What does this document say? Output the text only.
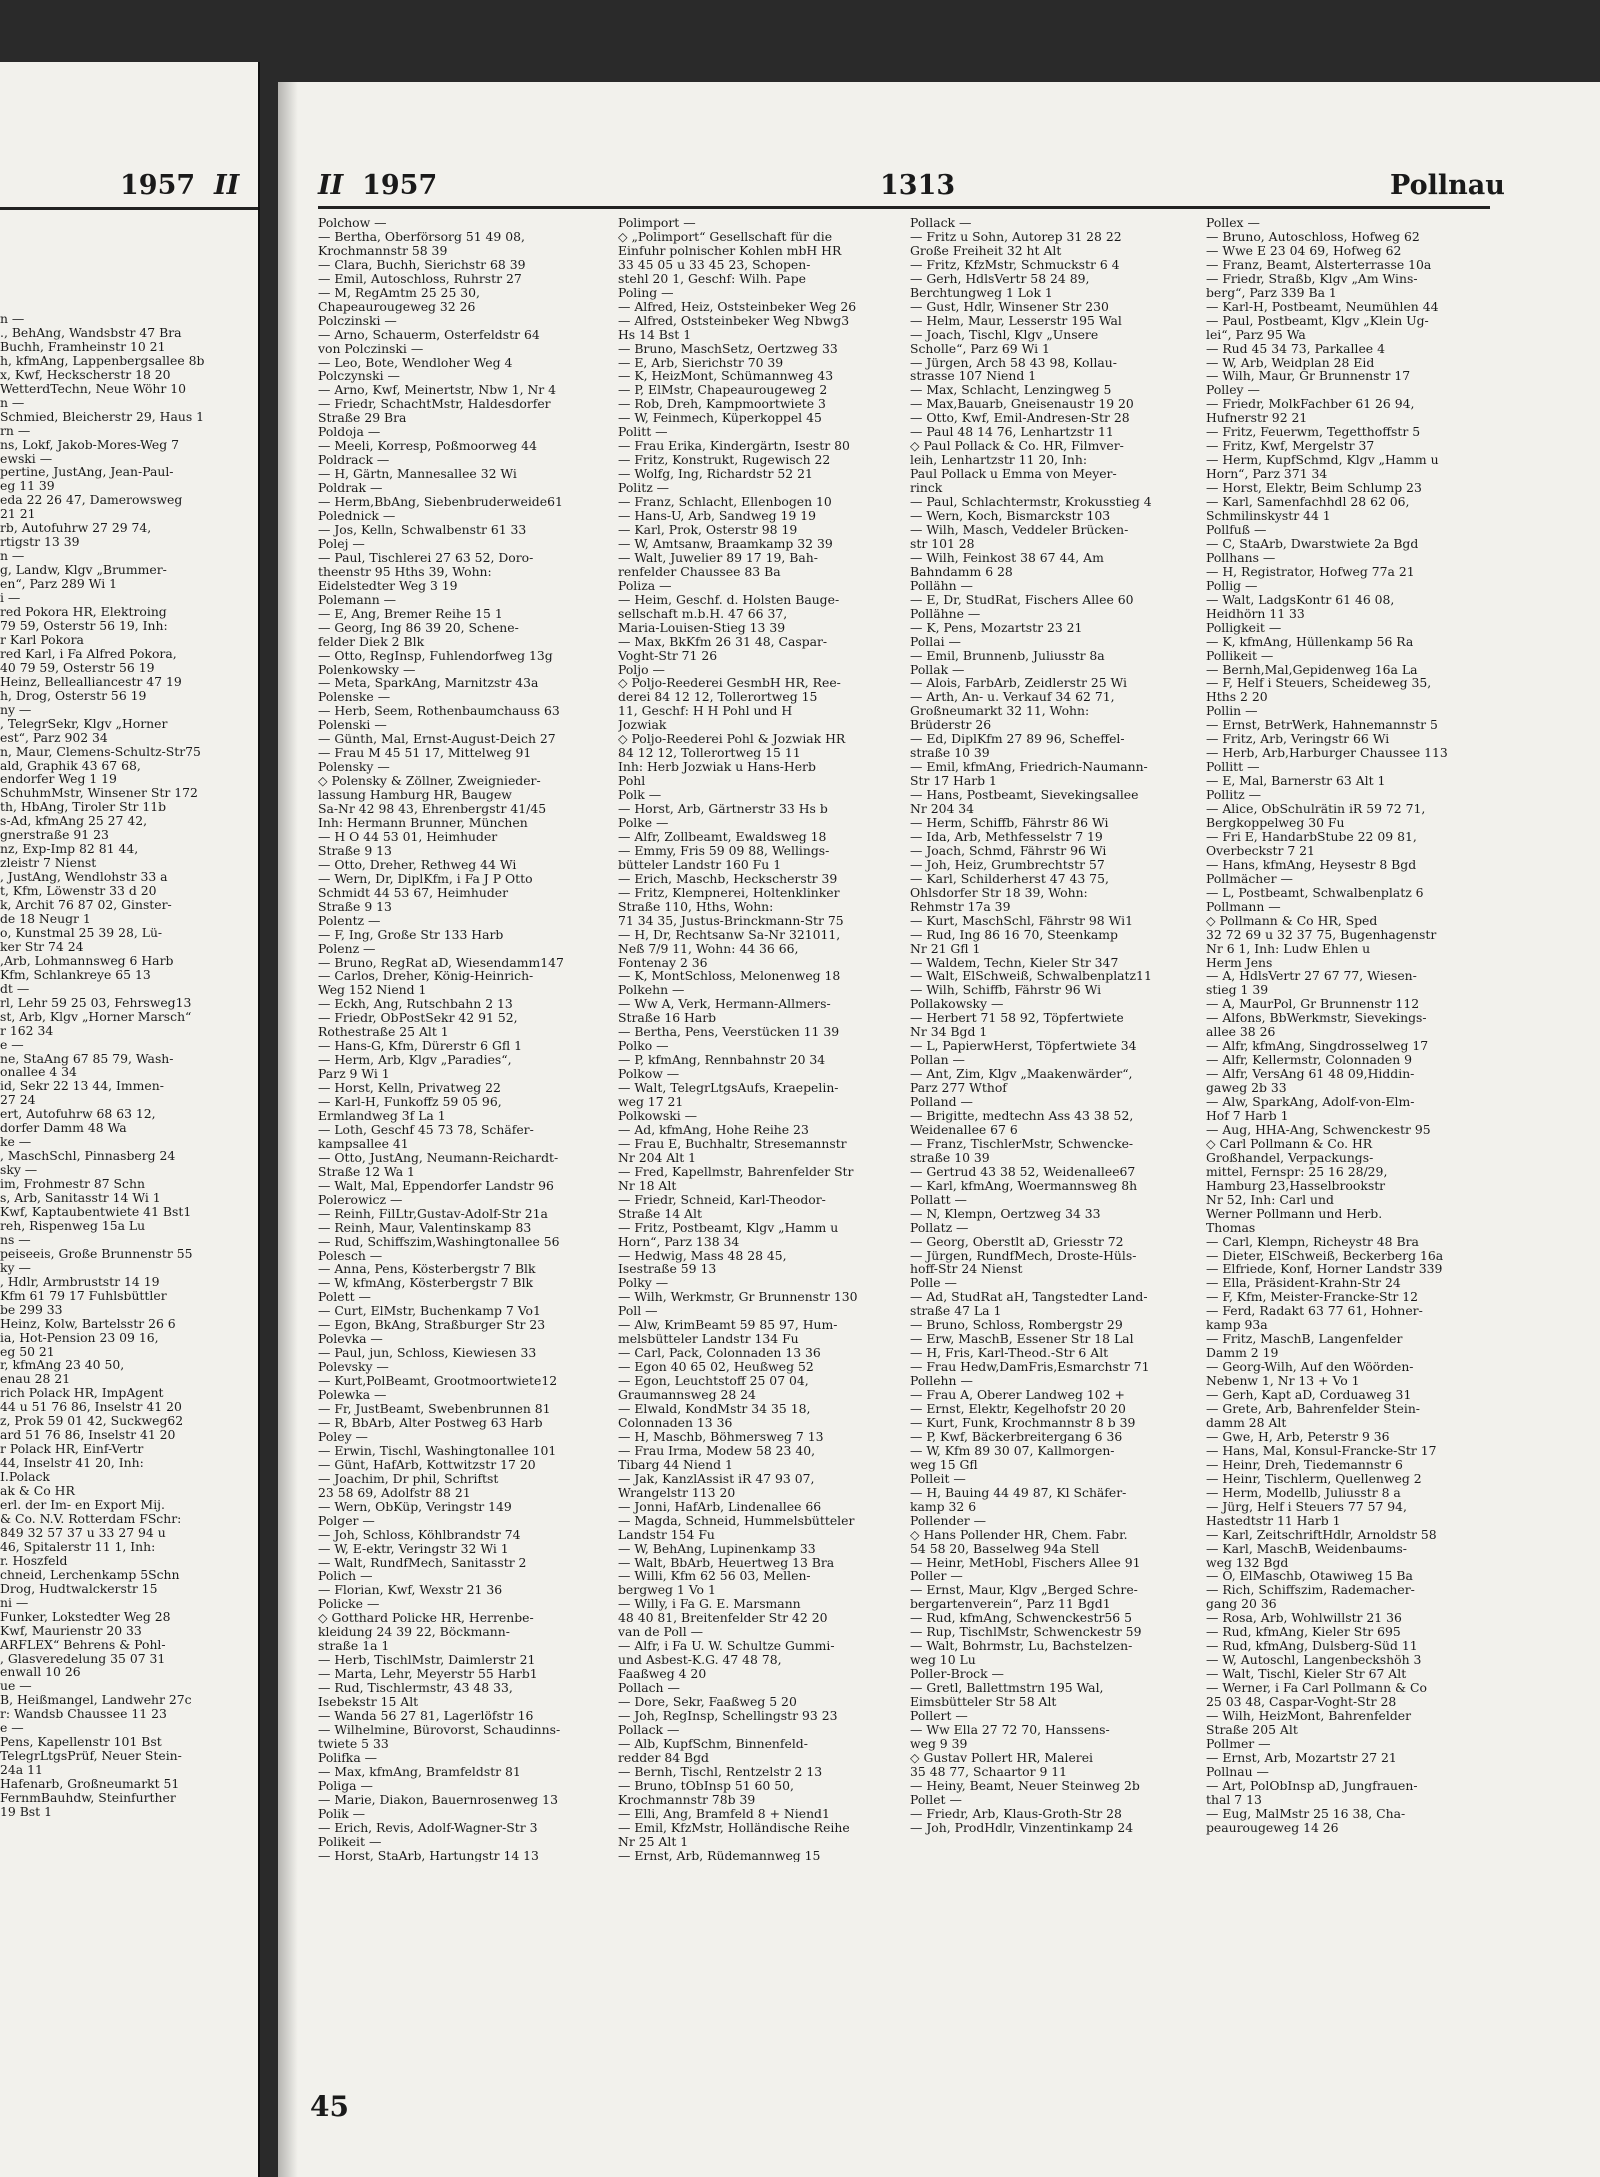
1957 II

n —

., BehAng, Wandsbstr 47 Bra

Buchh, Framheinstr 10 21

h, kfmAng, Lappenbergsallee 8b

x, Kwf, Heckscherstr 18 20

WetterdTechn, Neue Wöhr 10

n —

Schmied, Bleicherstr 29, Haus 1

rn —

ns, Lokf, Jakob-Mores-Weg 7

ewski —

pertine, JustAng, Jean-Paul-

eg 11 39

eda 22 26 47, Damerowsweg

21 21

rb, Autofuhrw 27 29 74,

rtigstr 13 39

n —

g, Landw, Klgv „Brummer-

en“, Parz 289 Wi 1

i —

red Pokora HR, Elektroing

79 59, Osterstr 56 19, Inh:

r Karl Pokora

red Karl, i Fa Alfred Pokora,

40 79 59, Osterstr 56 19

Heinz, Bellealliancestr 47 19

h, Drog, Osterstr 56 19

ny —

, TelegrSekr, Klgv „Horner

est“, Parz 902 34

n, Maur, Clemens-Schultz-Str75

ald, Graphik 43 67 68,

endorfer Weg 1 19

SchuhmMstr, Winsener Str 172

th, HbAng, Tiroler Str 11b

s-Ad, kfmAng 25 27 42,

gnerstraße 91 23

nz, Exp-Imp 82 81 44,

zleistr 7 Nienst

, JustAng, Wendlohstr 33 a

t, Kfm, Löwenstr 33 d 20

k, Archit 76 87 02, Ginster-

de 18 Neugr 1

o, Kunstmal 25 39 28, Lü-

ker Str 74 24

,Arb, Lohmannsweg 6 Harb

Kfm, Schlankreye 65 13

dt —

rl, Lehr 59 25 03, Fehrsweg13

st, Arb, Klgv „Horner Marsch“

r 162 34

e —

ne, StaAng 67 85 79, Wash-

onallee 4 34

id, Sekr 22 13 44, Immen-

27 24

ert, Autofuhrw 68 63 12,

dorfer Damm 48 Wa

ke —

, MaschSchl, Pinnasberg 24

sky —

im, Frohmestr 87 Schn

s, Arb, Sanitasstr 14 Wi 1

Kwf, Kaptaubentwiete 41 Bst1

reh, Rispenweg 15a Lu

ns —

peiseeis, Große Brunnenstr 55

ky —

, Hdlr, Armbruststr 14 19

Kfm 61 79 17 Fuhlsbüttler

be 299 33

Heinz, Kolw, Bartelsstr 26 6

ia, Hot-Pension 23 09 16,

eg 50 21

r, kfmAng 23 40 50,

enau 28 21

rich Polack HR, ImpAgent

44 u 51 76 86, Inselstr 41 20

z, Prok 59 01 42, Suckweg62

ard 51 76 86, Inselstr 41 20

r Polack HR, Einf-Vertr

44, Inselstr 41 20, Inh:

I.Polack

ak & Co HR

erl. der Im- en Export Mij.

& Co. N.V. Rotterdam FSchr:

849 32 57 37 u 33 27 94 u

46, Spitalerstr 11 1, Inh:

r. Hoszfeld

chneid, Lerchenkamp 5Schn

Drog, Hudtwalckerstr 15

ni —

Funker, Lokstedter Weg 28

Kwf, Maurienstr 20 33

ARFLEX“ Behrens & Pohl-

, Glasveredelung 35 07 31

enwall 10 26

ue —

B, Heißmangel, Landwehr 27c

r: Wandsb Chaussee 11 23

e —

Pens, Kapellenstr 101 Bst

TelegrLtgsPrüf, Neuer Stein-

24a 11

Hafenarb, Großneumarkt 51

FernmBauhdw, Steinfurther

19 Bst 1

II 1957	1313	Pollnau

Polchow —

— Bertha, Oberförsorg 51 49 08,

Krochmannstr 58 39

— Clara, Buchh, Sierichstr 68 39

— Emil, Autoschloss, Ruhrstr 27

— M, RegAmtm 25 25 30,

Chapeaurougeweg 32 26

Polczinski —

— Arno, Schauerm, Osterfeldstr 64

von Polczinski —

— Leo, Bote, Wendloher Weg 4

Polczynski —

— Arno, Kwf, Meinertstr, Nbw 1, Nr 4

— Friedr, SchachtMstr, Haldesdorfer

Straße 29 Bra

Poldoja —

— Meeli, Korresp, Poßmoorweg 44

Poldrack —

— H, Gärtn, Mannesallee 32 Wi

Poldrak —

— Herm,BbAng, Siebenbruderweide61

Polednick —

— Jos, Kelln, Schwalbenstr 61 33

Polej —

— Paul, Tischlerei 27 63 52, Doro-

theenstr 95 Hths 39, Wohn:

Eidelstedter Weg 3 19

Polemann —

— E, Ang, Bremer Reihe 15 1

— Georg, Ing 86 39 20, Schene-

felder Diek 2 Blk

— Otto, RegInsp, Fuhlendorfweg 13g

Polenkowsky —

— Meta, SparkAng, Marnitzstr 43a

Polenske —

— Herb, Seem, Rothenbaumchauss 63

Polenski —

— Günth, Mal, Ernst-August-Deich 27

— Frau M 45 51 17, Mittelweg 91

Polensky —

◇ Polensky & Zöllner, Zweignieder-

lassung Hamburg HR, Baugew

Sa-Nr 42 98 43, Ehrenbergstr 41/45

Inh: Hermann Brunner, München

— H O 44 53 01, Heimhuder

Straße 9 13

— Otto, Dreher, Rethweg 44 Wi

— Wern, Dr, DiplKfm, i Fa J P Otto

Schmidt 44 53 67, Heimhuder

Straße 9 13

Polentz —

— F, Ing, Große Str 133 Harb

Polenz —

— Bruno, RegRat aD, Wiesendamm147

— Carlos, Dreher, König-Heinrich-

Weg 152 Niend 1

— Eckh, Ang, Rutschbahn 2 13

— Friedr, ObPostSekr 42 91 52,

Rothestraße 25 Alt 1

— Hans-G, Kfm, Dürerstr 6 Gfl 1

— Herm, Arb, Klgv „Paradies“,

Parz 9 Wi 1

— Horst, Kelln, Privatweg 22

— Karl-H, Funkoffz 59 05 96,

Ermlandweg 3f La 1

— Loth, Geschf 45 73 78, Schäfer-

kampsallee 41

— Otto, JustAng, Neumann-Reichardt-

Straße 12 Wa 1

— Walt, Mal, Eppendorfer Landstr 96

Polerowicz —

— Reinh, FilLtr,Gustav-Adolf-Str 21a

— Reinh, Maur, Valentinskamp 83

— Rud, Schiffszim,Washingtonallee 56

Polesch —

— Anna, Pens, Kösterbergstr 7 Blk

— W, kfmAng, Kösterbergstr 7 Blk

Polett —

— Curt, ElMstr, Buchenkamp 7 Vo1

— Egon, BkAng, Straßburger Str 23

Polevka —

— Paul, jun, Schloss, Kiewiesen 33

Polevsky —

— Kurt,PolBeamt, Grootmoortwiete12

Polewka —

— Fr, JustBeamt, Swebenbrunnen 81

— R, BbArb, Alter Postweg 63 Harb

Poley —

— Erwin, Tischl, Washingtonallee 101

— Günt, HafArb, Kottwitzstr 17 20

— Joachim, Dr phil, Schriftst

23 58 69, Adolfstr 88 21

— Wern, ObKüp, Veringstr 149

Polger —

— Joh, Schloss, Köhlbrandstr 74

— W, E-ektr, Veringstr 32 Wi 1

— Walt, RundfMech, Sanitasstr 2

Polich —

— Florian, Kwf, Wexstr 21 36

Policke —

◇ Gotthard Policke HR, Herrenbe-

kleidung 24 39 22, Böckmann-

straße 1a 1

— Herb, TischlMstr, Daimlerstr 21

— Marta, Lehr, Meyerstr 55 Harb1

— Rud, Tischlermstr, 43 48 33,

Isebekstr 15 Alt

— Wanda 56 27 81, Lagerlöfstr 16

— Wilhelmine, Bürovorst, Schaudinns-

twiete 5 33

Polifka —

— Max, kfmAng, Bramfeldstr 81

Poliga —

— Marie, Diakon, Bauernrosenweg 13

Polik —

— Erich, Revis, Adolf-Wagner-Str 3

Polikeit —

— Horst, StaArb, Hartungstr 14 13

Polimport —

◇ „Polimport“ Gesellschaft für die

Einfuhr polnischer Kohlen mbH HR

33 45 05 u 33 45 23, Schopen-

stehl 20 1, Geschf: Wilh. Pape

Poling —

— Alfred, Heiz, Oststeinbeker Weg 26

— Alfred, Oststeinbeker Weg Nbwg3

Hs 14 Bst 1

— Bruno, MaschSetz, Oertzweg 33

— E, Arb, Sierichstr 70 39

— K, HeizMont, Schümannweg 43

— P, ElMstr, Chapeaurougeweg 2

— Rob, Dreh, Kampmoortwiete 3

— W, Feinmech, Küperkoppel 45

Politt —

— Frau Erika, Kindergärtn, Isestr 80

— Fritz, Konstrukt, Rugewisch 22

— Wolfg, Ing, Richardstr 52 21

Politz —

— Franz, Schlacht, Ellenbogen 10

— Hans-U, Arb, Sandweg 19 19

— Karl, Prok, Osterstr 98 19

— W, Amtsanw, Braamkamp 32 39

— Walt, Juwelier 89 17 19, Bah-

renfelder Chaussee 83 Ba

Poliza —

— Heim, Geschf. d. Holsten Bauge-

sellschaft m.b.H. 47 66 37,

Maria-Louisen-Stieg 13 39

— Max, BkKfm 26 31 48, Caspar-

Voght-Str 71 26

Poljo —

◇ Poljo-Reederei GesmbH HR, Ree-

derei 84 12 12, Tollerortweg 15

11, Geschf: H H Pohl und H

Jozwiak

◇ Poljo-Reederei Pohl & Jozwiak HR

84 12 12, Tollerortweg 15 11

Inh: Herb Jozwiak u Hans-Herb

Pohl

Polk —

— Horst, Arb, Gärtnerstr 33 Hs b

Polke —

— Alfr, Zollbeamt, Ewaldsweg 18

— Emmy, Fris 59 09 88, Wellings-

bütteler Landstr 160 Fu 1

— Erich, Maschb, Heckscherstr 39

— Fritz, Klempnerei, Holtenklinker

Straße 110, Hths, Wohn:

71 34 35, Justus-Brinckmann-Str 75

— H, Dr, Rechtsanw Sa-Nr 321011,

Neß 7/9 11, Wohn: 44 36 66,

Fontenay 2 36

— K, MontSchloss, Melonenweg 18

Polkehn —

— Ww A, Verk, Hermann-Allmers-

Straße 16 Harb

— Bertha, Pens, Veerstücken 11 39

Polko —

— P, kfmAng, Rennbahnstr 20 34

Polkow —

— Walt, TelegrLtgsAufs, Kraepelin-

weg 17 21

Polkowski —

— Ad, kfmAng, Hohe Reihe 23

— Frau E, Buchhaltr, Stresemannstr

Nr 204 Alt 1

— Fred, Kapellmstr, Bahrenfelder Str

Nr 18 Alt

— Friedr, Schneid, Karl-Theodor-

Straße 14 Alt

— Fritz, Postbeamt, Klgv „Hamm u

Horn“, Parz 138 34

— Hedwig, Mass 48 28 45,

Isestraße 59 13

Polky —

— Wilh, Werkmstr, Gr Brunnenstr 130

Poll —

— Alw, KrimBeamt 59 85 97, Hum-

melsbütteler Landstr 134 Fu

— Carl, Pack, Colonnaden 13 36

— Egon 40 65 02, Heußweg 52

— Egon, Leuchtstoff 25 07 04,

Graumannsweg 28 24

— Elwald, KondMstr 34 35 18,

Colonnaden 13 36

— H, Maschb, Böhmersweg 7 13

— Frau Irma, Modew 58 23 40,

Tibarg 44 Niend 1

— Jak, KanzlAssist iR 47 93 07,

Wrangelstr 113 20

— Jonni, HafArb, Lindenallee 66

— Magda, Schneid, Hummelsbütteler

Landstr 154 Fu

— W, BehAng, Lupinenkamp 33

— Walt, BbArb, Heuertweg 13 Bra

— Willi, Kfm 62 56 03, Mellen-

bergweg 1 Vo 1

— Willy, i Fa G. E. Marsmann

48 40 81, Breitenfelder Str 42 20

van de Poll —

— Alfr, i Fa U. W. Schultze Gummi-

und Asbest-K.G. 47 48 78,

Faaßweg 4 20

Pollach —

— Dore, Sekr, Faaßweg 5 20

— Joh, RegInsp, Schellingstr 93 23

Pollack —

— Alb, KupfSchm, Binnenfeld-

redder 84 Bgd

— Bernh, Tischl, Rentzelstr 2 13

— Bruno, tObInsp 51 60 50,

Krochmannstr 78b 39

— Elli, Ang, Bramfeld 8 + Niend1

— Emil, KfzMstr, Holländische Reihe

Nr 25 Alt 1

— Ernst, Arb, Rüdemannweg 15

Pollack —

— Fritz u Sohn, Autorep 31 28 22

Große Freiheit 32 ht Alt

— Fritz, KfzMstr, Schmuckstr 6 4

— Gerh, HdlsVertr 58 24 89,

Berchtungweg 1 Lok 1

— Gust, Hdlr, Winsener Str 230

— Helm, Maur, Lesserstr 195 Wal

— Joach, Tischl, Klgv „Unsere

Scholle“, Parz 69 Wi 1

— Jürgen, Arch 58 43 98, Kollau-

strasse 107 Niend 1

— Max, Schlacht, Lenzingweg 5

— Max,Bauarb, Gneisenaustr 19 20

— Otto, Kwf, Emil-Andresen-Str 28

— Paul 48 14 76, Lenhartzstr 11

◇ Paul Pollack & Co. HR, Filmver-

leih, Lenhartzstr 11 20, Inh:

Paul Pollack u Emma von Meyer-

rinck

— Paul, Schlachtermstr, Krokusstieg 4

— Wern, Koch, Bismarckstr 103

— Wilh, Masch, Veddeler Brücken-

str 101 28

— Wilh, Feinkost 38 67 44, Am

Bahndamm 6 28

Pollähn —

— E, Dr, StudRat, Fischers Allee 60

Pollähne —

— K, Pens, Mozartstr 23 21

Pollai —

— Emil, Brunnenb, Juliusstr 8a

Pollak —

— Alois, FarbArb, Zeidlerstr 25 Wi

— Arth, An- u. Verkauf 34 62 71,

Großneumarkt 32 11, Wohn:

Brüderstr 26

— Ed, DiplKfm 27 89 96, Scheffel-

straße 10 39

— Emil, kfmAng, Friedrich-Naumann-

Str 17 Harb 1

— Hans, Postbeamt, Sievekingsallee

Nr 204 34

— Herm, Schiffb, Fährstr 86 Wi

— Ida, Arb, Methfesselstr 7 19

— Joach, Schmd, Fährstr 96 Wi

— Joh, Heiz, Grumbrechtstr 57

— Karl, Schilderherst 47 43 75,

Ohlsdorfer Str 18 39, Wohn:

Rehmstr 17a 39

— Kurt, MaschSchl, Fährstr 98 Wi1

— Rud, Ing 86 16 70, Steenkamp

Nr 21 Gfl 1

— Waldem, Techn, Kieler Str 347

— Walt, ElSchweiß, Schwalbenplatz11

— Wilh, Schiffb, Fährstr 96 Wi

Pollakowsky —

— Herbert 71 58 92, Töpfertwiete

Nr 34 Bgd 1

— L, PapierwHerst, Töpfertwiete 34

Pollan —

— Ant, Zim, Klgv „Maakenwärder“,

Parz 277 Wthof

Polland —

— Brigitte, medtechn Ass 43 38 52,

Weidenallee 67 6

— Franz, TischlerMstr, Schwencke-

straße 10 39

— Gertrud 43 38 52, Weidenallee67

— Karl, kfmAng, Woermannsweg 8h

Pollatt —

— N, Klempn, Oertzweg 34 33

Pollatz —

— Georg, Oberstlt aD, Griesstr 72

— Jürgen, RundfMech, Droste-Hüls-

hoff-Str 24 Nienst

Polle —

— Ad, StudRat aH, Tangstedter Land-

straße 47 La 1

— Bruno, Schloss, Rombergstr 29

— Erw, MaschB, Essener Str 18 Lal

— H, Fris, Karl-Theod.-Str 6 Alt

— Frau Hedw,DamFris,Esmarchstr 71

Pollehn —

— Frau A, Oberer Landweg 102 +

— Ernst, Elektr, Kegelhofstr 20 20

— Kurt, Funk, Krochmannstr 8 b 39

— P, Kwf, Bäckerbreitergang 6 36

— W, Kfm 89 30 07, Kallmorgen-

weg 15 Gfl

Polleit —

— H, Bauing 44 49 87, Kl Schäfer-

kamp 32 6

Pollender —

◇ Hans Pollender HR, Chem. Fabr.

54 58 20, Basselweg 94a Stell

— Heinr, MetHobl, Fischers Allee 91

Poller —

— Ernst, Maur, Klgv „Berged Schre-

bergartenverein“, Parz 11 Bgd1

— Rud, kfmAng, Schwenckestr56 5

— Rup, TischlMstr, Schwenckestr 59

— Walt, Bohrmstr, Lu, Bachstelzen-

weg 10 Lu

Poller-Brock —

— Gretl, Ballettmstrn 195 Wal,

Eimsbütteler Str 58 Alt

Pollert —

— Ww Ella 27 72 70, Hanssens-

weg 9 39

◇ Gustav Pollert HR, Malerei

35 48 77, Schaartor 9 11

— Heiny, Beamt, Neuer Steinweg 2b

Pollet —

— Friedr, Arb, Klaus-Groth-Str 28

— Joh, ProdHdlr, Vinzentinkamp 24

Pollex —

— Bruno, Autoschloss, Hofweg 62

— Wwe E 23 04 69, Hofweg 62

— Franz, Beamt, Alsterterrasse 10a

— Friedr, Straßb, Klgv „Am Wins-

berg“, Parz 339 Ba 1

— Karl-H, Postbeamt, Neumühlen 44

— Paul, Postbeamt, Klgv „Klein Ug-

lei“, Parz 95 Wa

— Rud 45 34 73, Parkallee 4

— W, Arb, Weidplan 28 Eid

— Wilh, Maur, Gr Brunnenstr 17

Polley —

— Friedr, MolkFachber 61 26 94,

Hufnerstr 92 21

— Fritz, Feuerwm, Tegetthoffstr 5

— Fritz, Kwf, Mergelstr 37

— Herm, KupfSchmd, Klgv „Hamm u

Horn“, Parz 371 34

— Horst, Elektr, Beim Schlump 23

— Karl, Samenfachhdl 28 62 06,

Schmilinskystr 44 1

Pollfuß —

— C, StaArb, Dwarstwiete 2a Bgd

Pollhans —

— H, Registrator, Hofweg 77a 21

Pollig —

— Walt, LadgsKontr 61 46 08,

Heidhörn 11 33

Polligkeit —

— K, kfmAng, Hüllenkamp 56 Ra

Pollikeit —

— Bernh,Mal,Gepidenweg 16a La

— F, Helf i Steuers, Scheideweg 35,

Hths 2 20

Pollin —

— Ernst, BetrWerk, Hahnemannstr 5

— Fritz, Arb, Veringstr 66 Wi

— Herb, Arb,Harburger Chaussee 113

Pollitt —

— E, Mal, Barnerstr 63 Alt 1

Pollitz —

— Alice, ObSchulrätin iR 59 72 71,

Bergkoppelweg 30 Fu

— Fri E, HandarbStube 22 09 81,

Overbeckstr 7 21

— Hans, kfmAng, Heysestr 8 Bgd

Pollmächer —

— L, Postbeamt, Schwalbenplatz 6

Pollmann —

◇ Pollmann & Co HR, Sped

32 72 69 u 32 37 75, Bugenhagenstr

Nr 6 1, Inh: Ludw Ehlen u

Herm Jens

— A, HdlsVertr 27 67 77, Wiesen-

stieg 1 39

— A, MaurPol, Gr Brunnenstr 112

— Alfons, BbWerkmstr, Sievekings-

allee 38 26

— Alfr, kfmAng, Singdrosselweg 17

— Alfr, Kellermstr, Colonnaden 9

— Alfr, VersAng 61 48 09,Hiddin-

gaweg 2b 33

— Alw, SparkAng, Adolf-von-Elm-

Hof 7 Harb 1

— Aug, HHA-Ang, Schwenckestr 95

◇ Carl Pollmann & Co. HR

Großhandel, Verpackungs-

mittel, Fernspr: 25 16 28/29,

Hamburg 23,Hasselbrookstr

Nr 52, Inh: Carl und

Werner Pollmann und Herb.

Thomas

— Carl, Klempn, Richeystr 48 Bra

— Dieter, ElSchweiß, Beckerberg 16a

— Elfriede, Konf, Horner Landstr 339

— Ella, Präsident-Krahn-Str 24

— F, Kfm, Meister-Francke-Str 12

— Ferd, Radakt 63 77 61, Hohner-

kamp 93a

— Fritz, MaschB, Langenfelder

Damm 2 19

— Georg-Wilh, Auf den Wöörden-

Nebenw 1, Nr 13 + Vo 1

— Gerh, Kapt aD, Corduaweg 31

— Grete, Arb, Bahrenfelder Stein-

damm 28 Alt

— Gwe, H, Arb, Peterstr 9 36

— Hans, Mal, Konsul-Francke-Str 17

— Heinr, Dreh, Tiedemannstr 6

— Heinr, Tischlerm, Quellenweg 2

— Herm, Modellb, Juliusstr 8 a

— Jürg, Helf i Steuers 77 57 94,

Hastedtstr 11 Harb 1

— Karl, ZeitschriftHdlr, Arnoldstr 58

— Karl, MaschB, Weidenbaums-

weg 132 Bgd

— O, ElMaschb, Otawiweg 15 Ba

— Rich, Schiffszim, Rademacher-

gang 20 36

— Rosa, Arb, Wohlwillstr 21 36

— Rud, kfmAng, Kieler Str 695

— Rud, kfmAng, Dulsberg-Süd 11

— W, Autoschl, Langenbeckshöh 3

— Walt, Tischl, Kieler Str 67 Alt

— Werner, i Fa Carl Pollmann & Co

25 03 48, Caspar-Voght-Str 28

— Wilh, HeizMont, Bahrenfelder

Straße 205 Alt

Pollmer —

— Ernst, Arb, Mozartstr 27 21

Pollnau —

— Art, PolObInsp aD, Jungfrauen-

thal 7 13

— Eug, MalMstr 25 16 38, Cha-

peaurougeweg 14 26

45
